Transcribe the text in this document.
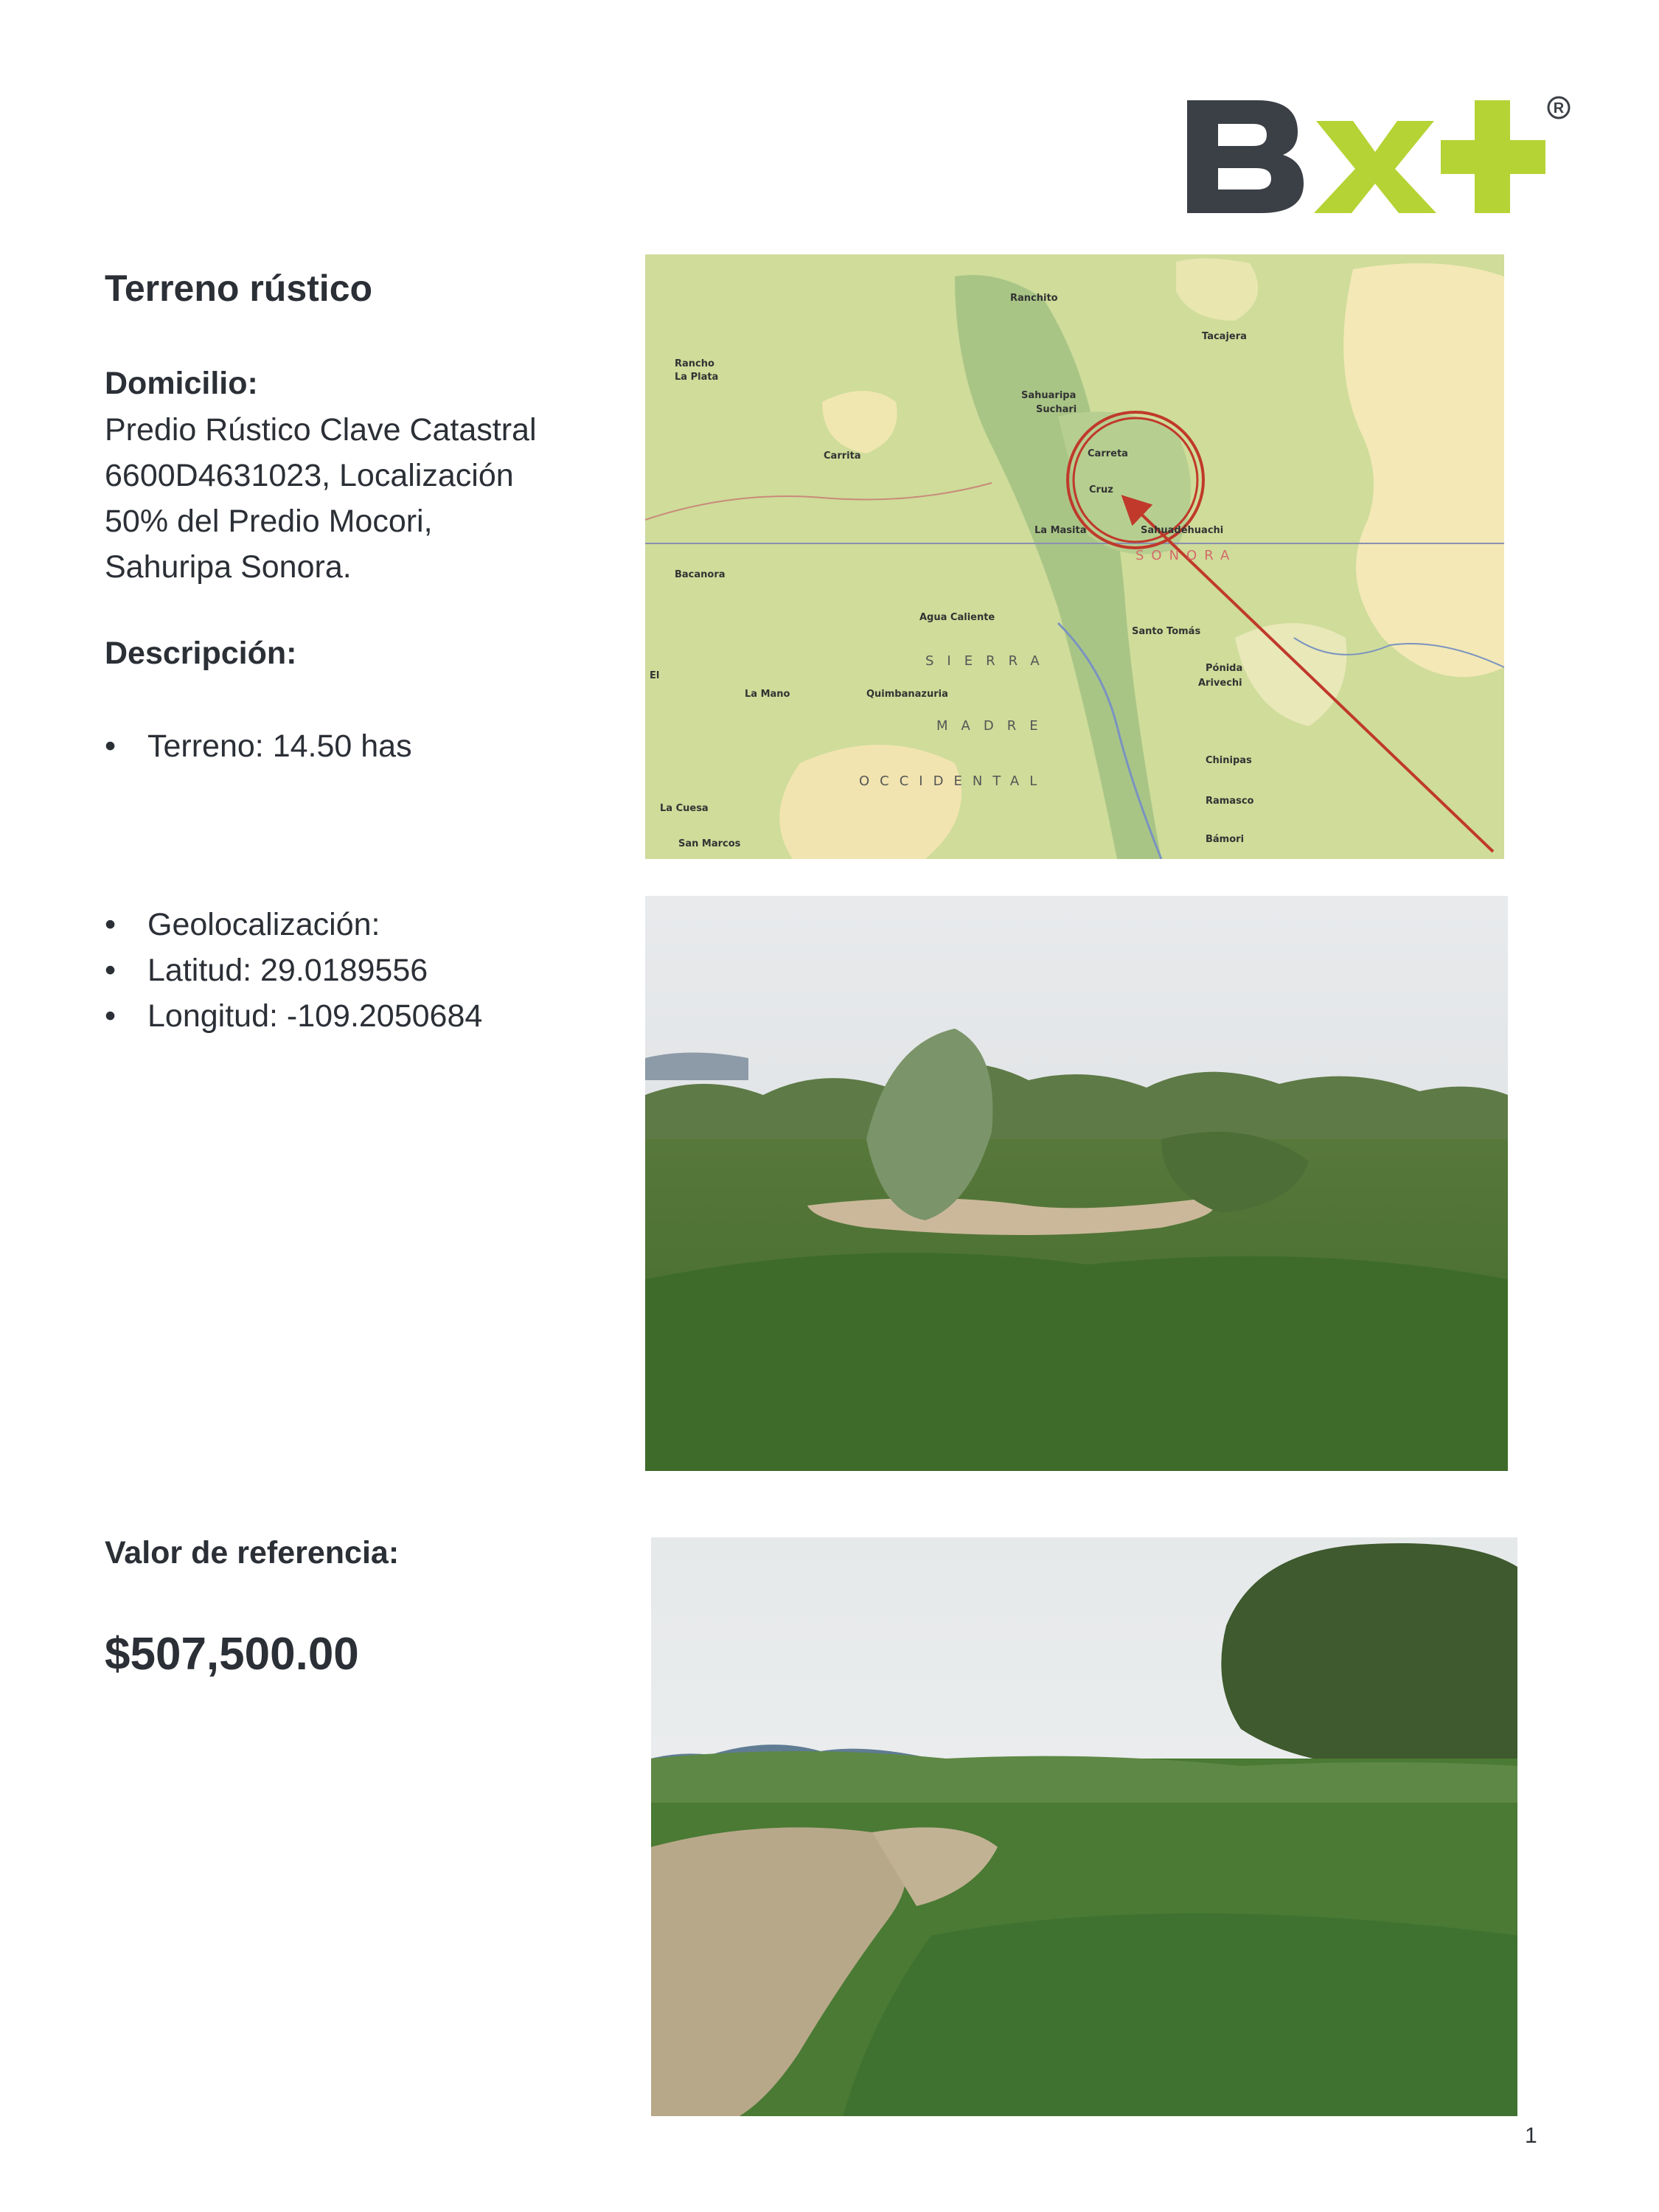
R
Terreno rústico
Domicilio:
Predio Rústico Clave Catastral
6600D4631023, Localización
50% del Predio Mocori,
Sahuripa Sonora.
Descripción:
• Terreno: 14.50 has
• Geolocalización:
• Latitud: 29.0189556
• Longitud: -109.2050684
Valor de referencia:
$507,500.00
Ranchito
Tacajera
Rancho
La Plata
Sahuaripa
Suchari
Carrita	Carreta
Cruz
La Masita	Sahuadéhuachi
SONORA
Bacanora
Agua Caliente
Santo Tomás
SIERRA	Pónida
Arivechi
El
La Mano	Quimbanazuria
MADRE
Chinipas
OCCIDENTAL
La Cuesa
Ramasco
San Marcos	Bámori
1
